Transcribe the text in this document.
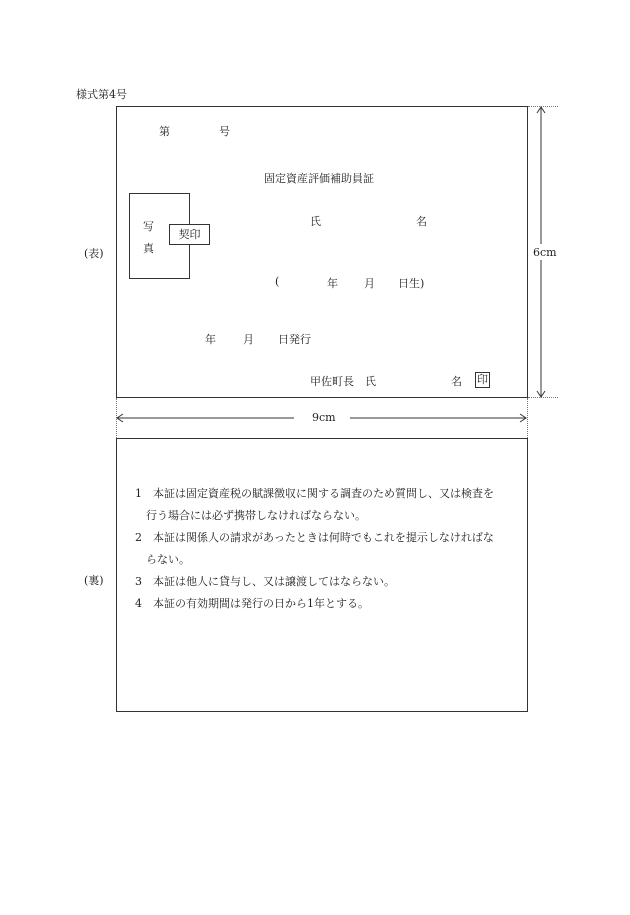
様式第4号
(表)
第	号
固定資産評価補助員証
写
真
契印
氏	名
(	年 月 日生)
年 月 日発行
甲佐町長　氏	名 印
6cm
9cm
(裏)

1　本証は固定資産税の賦課徴収に関する調査のため質問し、又は検査を

　行う場合には必ず携帯しなければならない。

2　本証は関係人の請求があったときは何時でもこれを提示しなければな

　らない。

3　本証は他人に貸与し、又は譲渡してはならない。

4　本証の有効期間は発行の日から1年とする。
